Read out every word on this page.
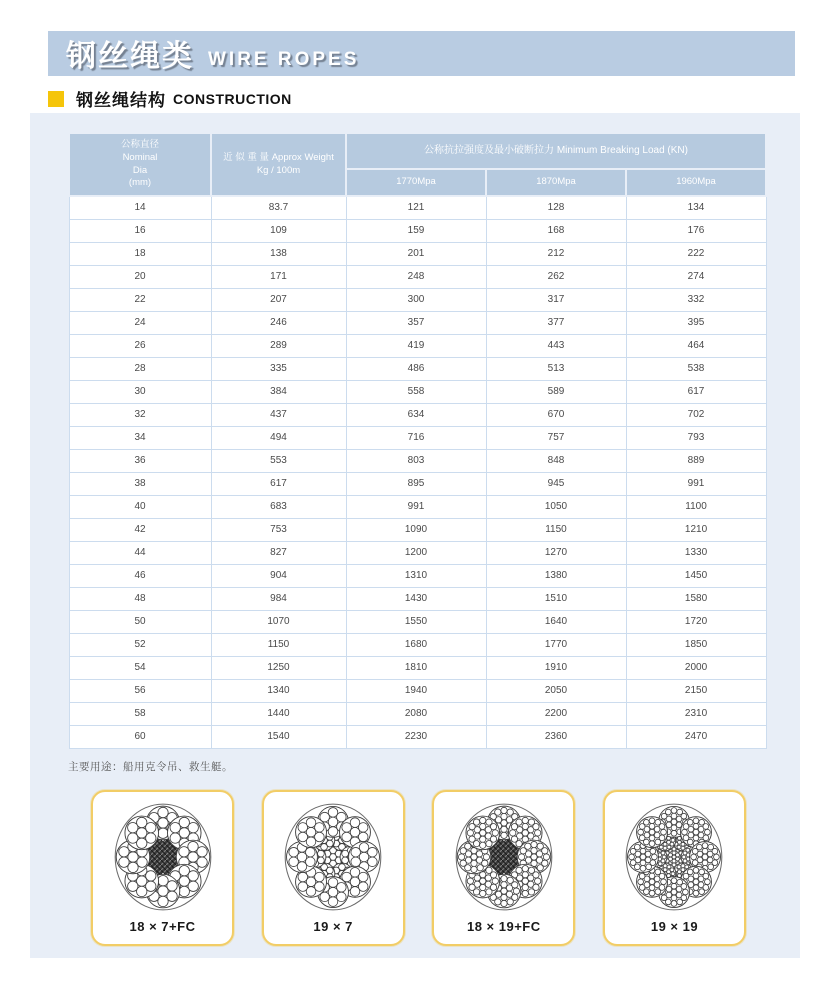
钢丝绳类 WIRE ROPES
钢丝绳结构 CONSTRUCTION
公称直径
Nominal
Dia
(mm)

近 似 重 量 Approx Weight
Kg / 100m
	公称抗拉强度及最小破断拉力 Minimum Breaking Load (KN)
		1770Mpa	1870Mpa	1960Mpa
14	83.7	121	128	134
16	109	159	168	176
18	138	201	212	222
20	171	248	262	274
22	207	300	317	332
24	246	357	377	395
26	289	419	443	464
28	335	486	513	538
30	384	558	589	617
32	437	634	670	702
34	494	716	757	793
36	553	803	848	889
38	617	895	945	991
40	683	991	1050	1100
42	753	1090	1150	1210
44	827	1200	1270	1330
46	904	1310	1380	1450
48	984	1430	1510	1580
50	1070	1550	1640	1720
52	1150	1680	1770	1850
54	1250	1810	1910	2000
56	1340	1940	2050	2150
58	1440	2080	2200	2310
60	1540	2230	2360	2470

主要用途：船用克令吊、救生艇。

18 × 7+FC	19 × 7	18 × 19+FC	19 × 19
